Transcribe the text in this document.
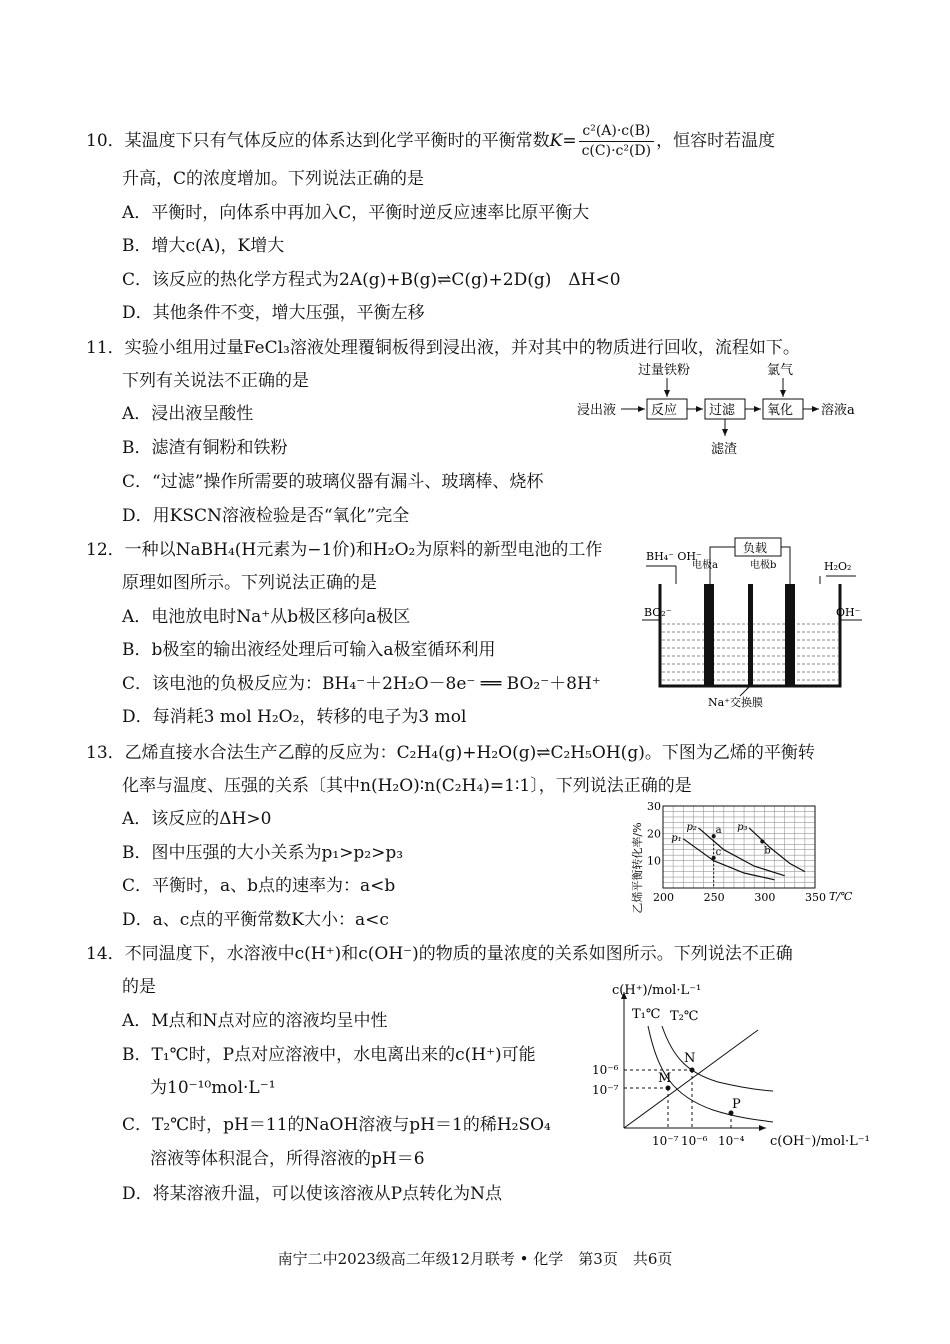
10．某温度下只有气体反应的体系达到化学平衡时的平衡常数$K= \frac{\text{c²(A)·c(B)}}{\text{c(C)·c²(D)}}$ ，恒容时若温度
升高，C的浓度增加。下列说法正确的是
A．平衡时，向体系中再加入C，平衡时逆反应速率比原平衡大
B．增大c(A)，K增大
C．该反应的热化学方程式为2A(g)+B(g)⇌C(g)+2D(g)　ΔH<0
D．其他条件不变，增大压强，平衡左移
11．实验小组用过量FeCl₃溶液处理覆铜板得到浸出液，并对其中的物质进行回收，流程如下。
下列有关说法不正确的是
A．浸出液呈酸性
B．滤渣有铜粉和铁粉
C．“过滤”操作所需要的玻璃仪器有漏斗、玻璃棒、烧杯
D．用KSCN溶液检验是否“氧化”完全
浸出液	反应 过滤 氧化 溶液a
过量铁粉	氯气
滤渣
12．一种以NaBH₄(H元素为−1价)和H₂O₂为原料的新型电池的工作
原理如图所示。下列说法正确的是
A．电池放电时Na⁺从b极区移向a极区
B．b极室的输出液经处理后可输入a极室循环利用
C．该电池的负极反应为：BH₄⁻＋2H₂O－8e⁻ ══ BO₂⁻＋8H⁺
D．每消耗3 mol H₂O₂，转移的电子为3 mol
负载
电极a	电极b
BH₄⁻ OH⁻
H₂O₂
BO₂⁻	OH⁻
Na⁺交换膜
13．乙烯直接水合法生产乙醇的反应为：C₂H₄(g)+H₂O(g)⇌C₂H₅OH(g)。下图为乙烯的平衡转
化率与温度、压强的关系〔其中n(H₂O)∶n(C₂H₄)=1∶1〕，下列说法正确的是
A．该反应的ΔH>0
B．图中压强的大小关系为p₁>p₂>p₃
C．平衡时，a、b点的速率为：a<b
D．a、c点的平衡常数K大小：a<c
乙烯平衡转化率/% 200	250	300	350
10
20
30
p₁
p₂	p₃
a
b
c
T/℃
14．不同温度下，水溶液中c(H⁺)和c(OH⁻)的物质的量浓度的关系如图所示。下列说法不正确
的是
A．M点和N点对应的溶液均呈中性
B．T₁℃时，P点对应溶液中，水电离出来的c(H⁺)可能
为10⁻¹⁰mol·L⁻¹
C．T₂℃时，pH＝11的NaOH溶液与pH＝1的稀H₂SO₄
溶液等体积混合，所得溶液的pH＝6
D．将某溶液升温，可以使该溶液从P点转化为N点
c(H⁺)/mol·L⁻¹
c(OH⁻)/mol·L⁻¹
T₁℃ T₂℃
M
N
P
10⁻⁶
10⁻⁷
10⁻⁷ 10⁻⁶ 10⁻⁴
南宁二中2023级高二年级12月联考 • 化学　第3页　共6页
